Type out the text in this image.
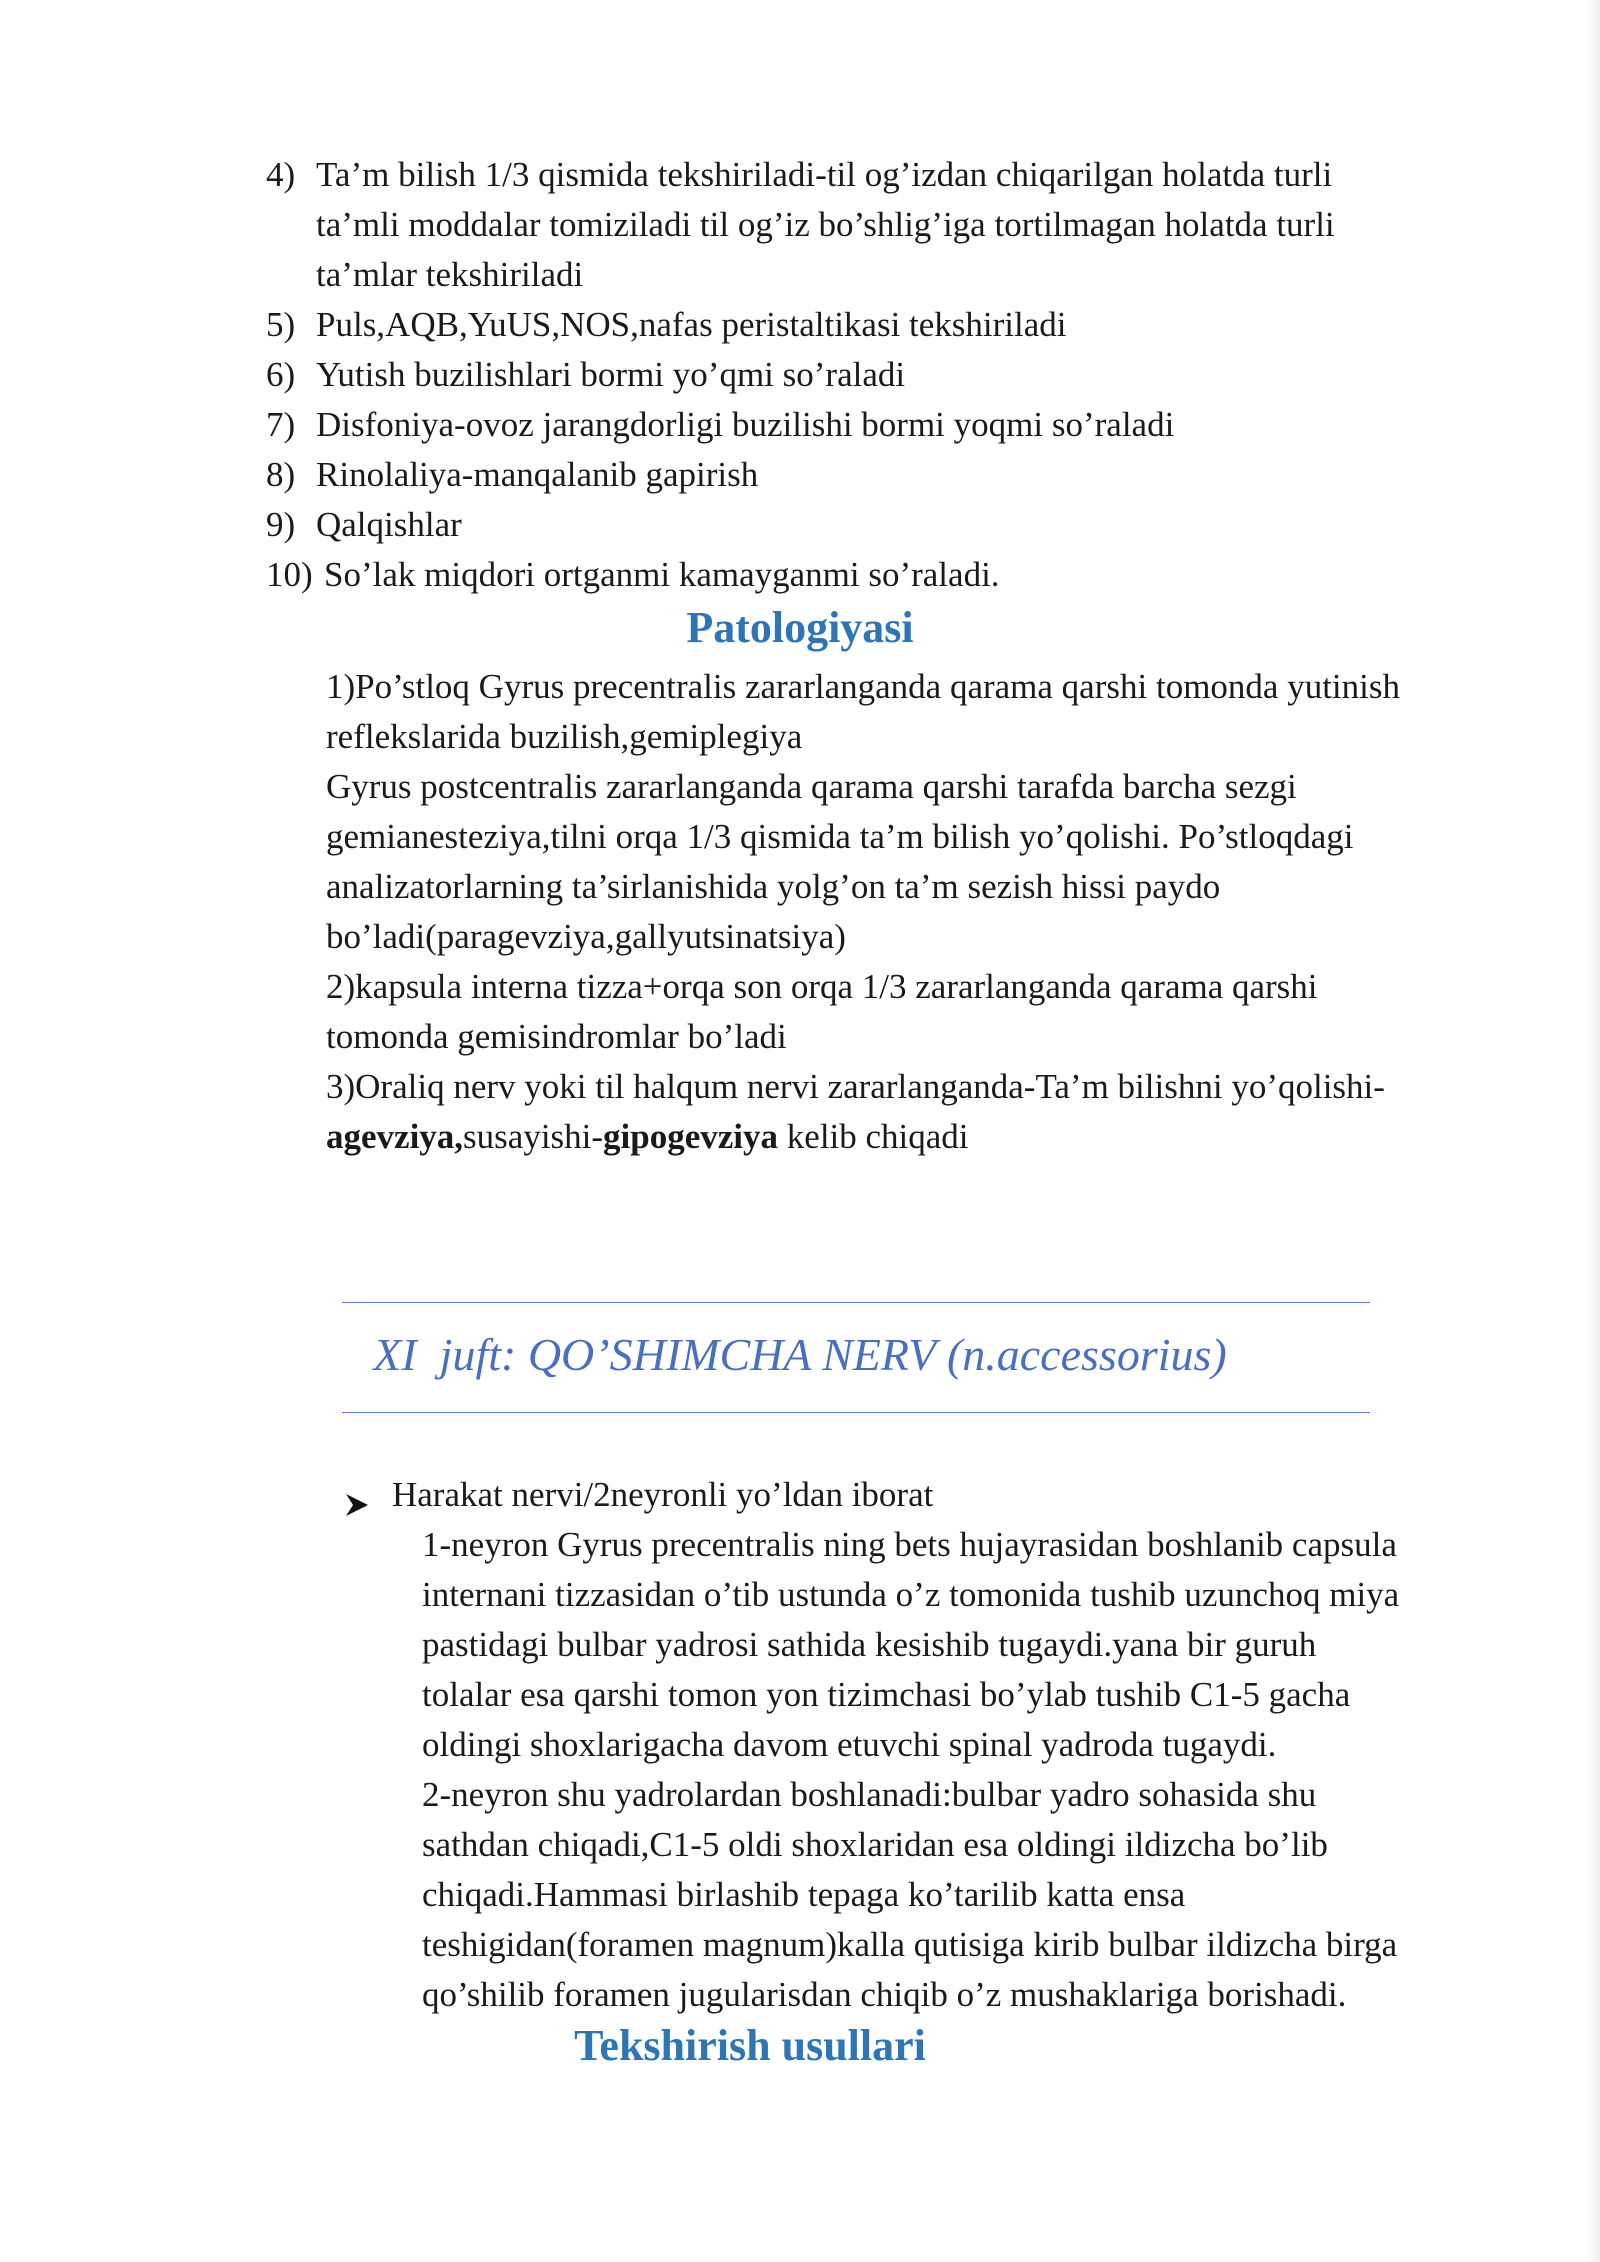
4) Ta’m bilish 1/3 qismida tekshiriladi-til og’izdan chiqarilgan holatda turli
ta’mli moddalar tomiziladi til og’iz bo’shlig’iga tortilmagan holatda turli
ta’mlar tekshiriladi
5) Puls,AQB,YuUS,NOS,nafas peristaltikasi tekshiriladi
6) Yutish buzilishlari bormi yo’qmi so’raladi
7) Disfoniya-ovoz jarangdorligi buzilishi bormi yoqmi so’raladi
8) Rinolaliya-manqalanib gapirish
9) Qalqishlar
10) So’lak miqdori ortganmi kamayganmi so’raladi.
Patologiyasi

1)Po’stloq Gyrus precentralis zararlanganda qarama qarshi tomonda yutinish

reflekslarida buzilish,gemiplegiya

Gyrus postcentralis zararlanganda qarama qarshi tarafda barcha sezgi

gemianesteziya,tilni orqa 1/3 qismida ta’m bilish yo’qolishi. Po’stloqdagi

analizatorlarning ta’sirlanishida yolg’on ta’m sezish hissi paydo

bo’ladi(paragevziya,gallyutsinatsiya)

2)kapsula interna tizza+orqa son orqa 1/3 zararlanganda qarama qarshi

tomonda gemisindromlar bo’ladi

3)Oraliq nerv yoki til halqum nervi zararlanganda-Ta’m bilishni yo’qolishi-

agevziya,susayishi-gipogevziya kelib chiqadi

XI  juft: QO’SHIMCHA NERV (n.accessorius)
Harakat nervi/2neyronli yo’ldan iborat

1-neyron Gyrus precentralis ning bets hujayrasidan boshlanib capsula

internani tizzasidan o’tib ustunda o’z tomonida tushib uzunchoq miya

pastidagi bulbar yadrosi sathida kesishib tugaydi.yana bir guruh

tolalar esa qarshi tomon yon tizimchasi bo’ylab tushib C1-5 gacha

oldingi shoxlarigacha davom etuvchi spinal yadroda tugaydi.

2-neyron shu yadrolardan boshlanadi:bulbar yadro sohasida shu

sathdan chiqadi,C1-5 oldi shoxlaridan esa oldingi ildizcha bo’lib

chiqadi.Hammasi birlashib tepaga ko’tarilib katta ensa

teshigidan(foramen magnum)kalla qutisiga kirib bulbar ildizcha birga

qo’shilib foramen jugularisdan chiqib o’z mushaklariga borishadi.

Tekshirish usullari
